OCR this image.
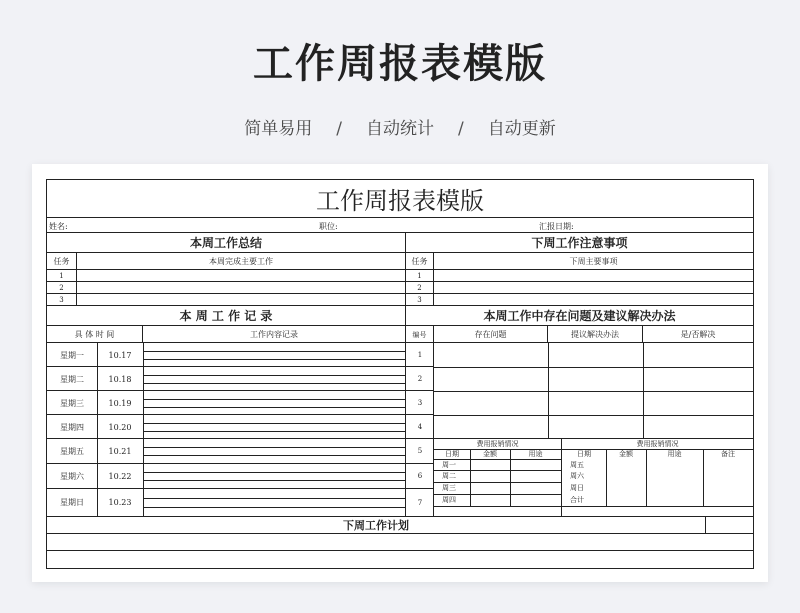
工作周报表模版
简单易用 / 自动统计 / 自动更新
工作周报表模版
姓名:	职位:	汇报日期:
本周工作总结	下周工作注意事项
任务	本周完成主要工作	任务	下周主要事项
1
2
3
1
2
3
本 周 工 作 记 录	本周工作中存在问题及建议解决办法
具 体 时 间	工作内容记录
星期一	10.17
星期二	10.18
星期三	10.19
星期四	10.20
星期五	10.21
星期六	10.22
星期日	10.23
编号	存在问题	提议解决办法	是/否解决
1
2
3
4
5
6
7
费用报销情况	费用报销情况
日期	金额	用途
周一
周二
周三
周四
日期	金额	用途	备注
周五
周六
周日
合计
下周工作计划
